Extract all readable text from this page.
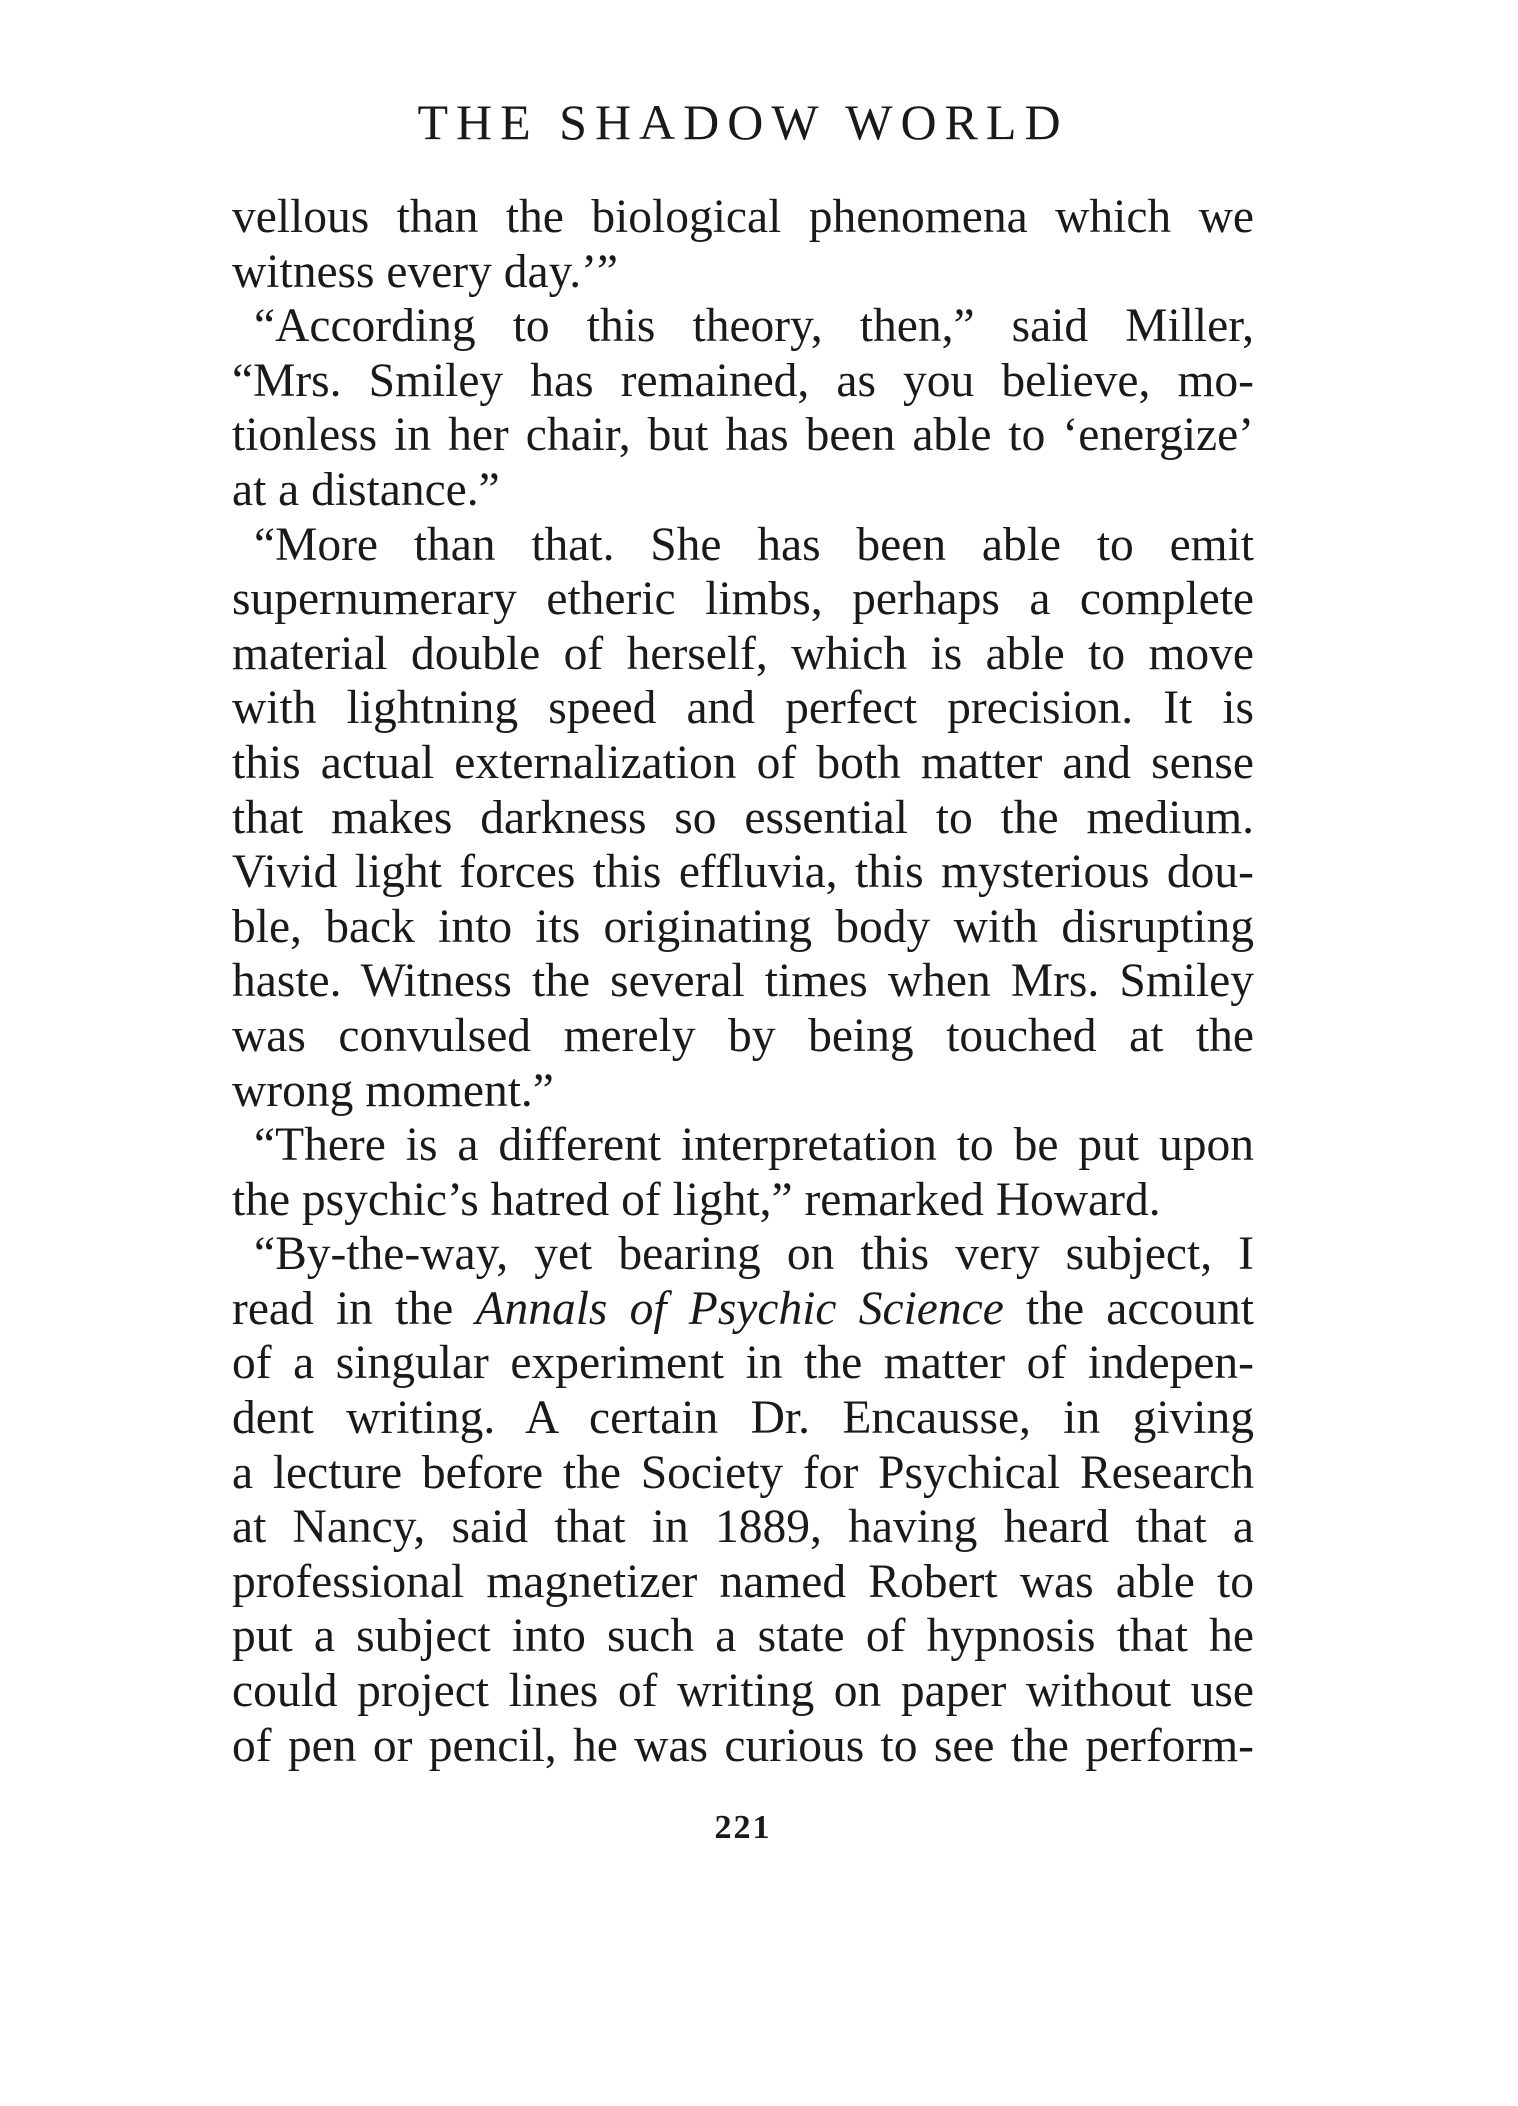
THE SHADOW WORLD
vellous than the biological phenomena which we
witness every day.’”
“According to this theory, then,” said Miller,
“Mrs. Smiley has remained, as you believe, mo-
tionless in her chair, but has been able to ‘energize’
at a distance.”
“More than that. She has been able to emit
supernumerary etheric limbs, perhaps a complete
material double of herself, which is able to move
with lightning speed and perfect precision. It is
this actual externalization of both matter and sense
that makes darkness so essential to the medium.
Vivid light forces this effluvia, this mysterious dou-
ble, back into its originating body with disrupting
haste. Witness the several times when Mrs. Smiley
was convulsed merely by being touched at the
wrong moment.”
“There is a different interpretation to be put upon
the psychic’s hatred of light,” remarked Howard.
“By-the-way, yet bearing on this very subject, I
read in the Annals of Psychic Science the account
of a singular experiment in the matter of indepen-
dent writing. A certain Dr. Encausse, in giving
a lecture before the Society for Psychical Research
at Nancy, said that in 1889, having heard that a
professional magnetizer named Robert was able to
put a subject into such a state of hypnosis that he
could project lines of writing on paper without use
of pen or pencil, he was curious to see the perform-
221
